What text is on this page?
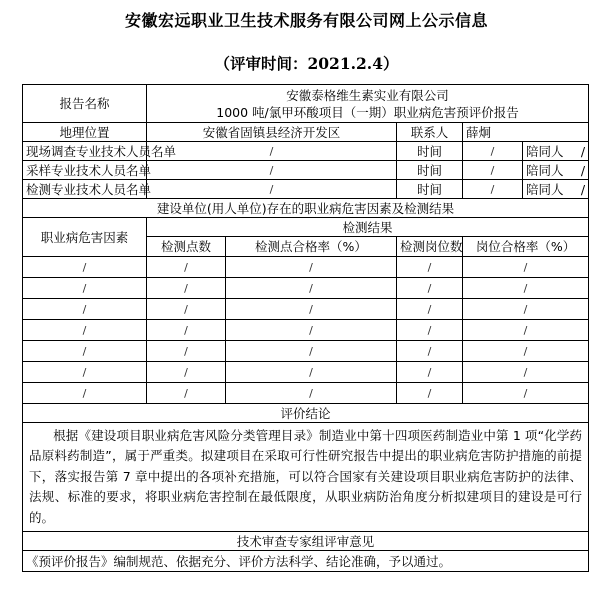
安徽宏远职业卫生技术服务有限公司网上公示信息
（评审时间：2021.2.4）
报告名称	安徽泰格维生素实业有限公司
1000 吨/氯甲环酸项目（一期）职业病危害预评价报告				

地理位置	安徽省固镇县经济开发区		联系人	薛炯	
现场调查专业技术人员名单	/		时间	/	陪同人 /

采样专业技术人员名单	/		时间	/	陪同人 /

检测专业技术人员名单	/		时间	/	陪同人 /

建设单位(用人单位)存在的职业病危害因素及检测结果					
职业病危害因素	检测结果				
	检测点数	检测点合格率（%）	检测岗位数	岗位合格率（%）	
/	/	/	/	/	
/	/	/	/	/	
/	/	/	/	/	
/	/	/	/	/	
/	/	/	/	/	
/	/	/	/	/	
/	/	/	/	/	
评价结论					
根据《建设项目职业病危害风险分类管理目录》制造业中第十四项医药制造业中第 1 项“化学药品原料药制造”，属于严重类。拟建项目在采取可行性研究报告中提出的职业病危害防护措施的前提下，落实报告第 7 章中提出的各项补充措施，可以符合国家有关建设项目职业病危害防护的法律、法规、标准的要求，将职业病危害控制在最低限度，从职业病防治角度分析拟建项目的建设是可行的。					
技术审查专家组评审意见					
《预评价报告》编制规范、依据充分、评价方法科学、结论准确，予以通过。					
